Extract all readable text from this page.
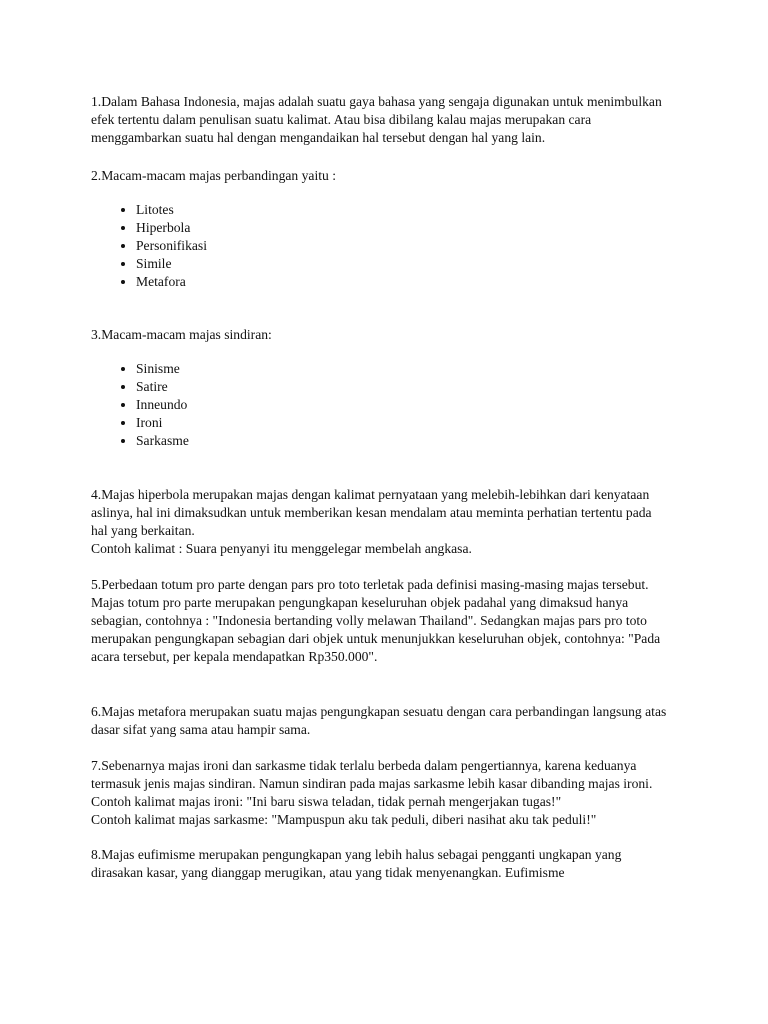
1.Dalam Bahasa Indonesia, majas adalah suatu gaya bahasa yang sengaja digunakan untuk menimbulkan efek tertentu dalam penulisan suatu kalimat. Atau bisa dibilang kalau majas merupakan cara menggambarkan suatu hal dengan mengandaikan hal tersebut dengan hal yang lain.

2.Macam-macam majas perbandingan yaitu :

• Litotes
• Hiperbola
• Personifikasi
• Simile
• Metafora

3.Macam-macam majas sindiran:

• Sinisme
• Satire
• Inneundo
• Ironi
• Sarkasme

4.Majas hiperbola merupakan majas dengan kalimat pernyataan yang melebih-lebihkan dari kenyataan aslinya, hal ini dimaksudkan untuk memberikan kesan mendalam atau meminta perhatian tertentu pada hal yang berkaitan.

Contoh kalimat : Suara penyanyi itu menggelegar membelah angkasa.

5.Perbedaan totum pro parte dengan pars pro toto terletak pada definisi masing-masing majas tersebut. Majas totum pro parte merupakan pengungkapan keseluruhan objek padahal yang dimaksud hanya sebagian, contohnya : "Indonesia bertanding volly melawan Thailand". Sedangkan majas pars pro toto merupakan pengungkapan sebagian dari objek untuk menunjukkan keseluruhan objek, contohnya: "Pada acara tersebut, per kepala mendapatkan Rp350.000".

6.Majas metafora merupakan suatu majas pengungkapan sesuatu dengan cara perbandingan langsung atas dasar sifat yang sama atau hampir sama.

7.Sebenarnya majas ironi dan sarkasme tidak terlalu berbeda dalam pengertiannya, karena keduanya termasuk jenis majas sindiran. Namun sindiran pada majas sarkasme lebih kasar dibanding majas ironi.

Contoh kalimat majas ironi: "Ini baru siswa teladan, tidak pernah mengerjakan tugas!"

Contoh kalimat majas sarkasme: "Mampuspun aku tak peduli, diberi nasihat aku tak peduli!"

8.Majas eufimisme merupakan pengungkapan yang lebih halus sebagai pengganti ungkapan yang dirasakan kasar, yang dianggap merugikan, atau yang tidak menyenangkan. Eufimisme
